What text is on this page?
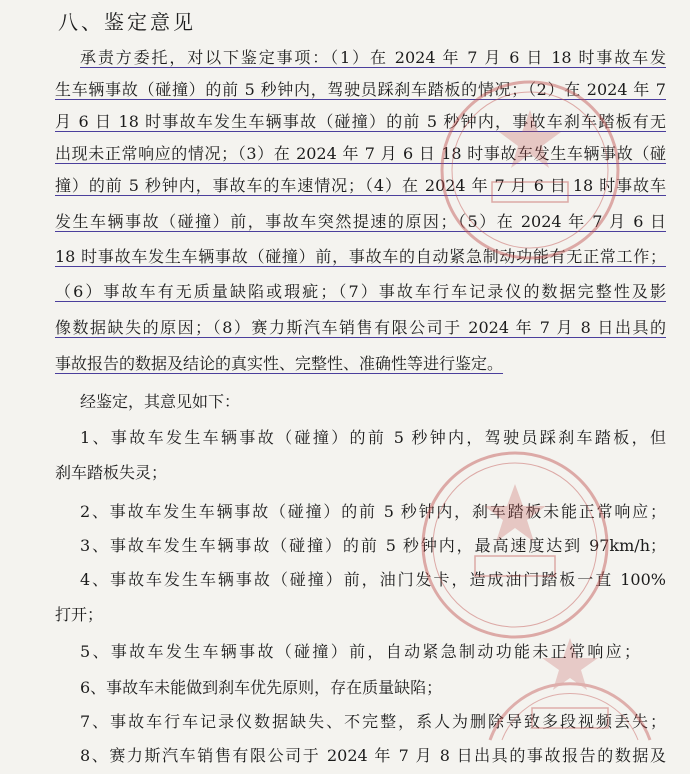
八、鉴定意见
承责方委托，对以下鉴定事项：（1）在 2024 年 7 月 6 日 18 时事故车发
生车辆事故（碰撞）的前 5 秒钟内，驾驶员踩刹车踏板的情况；（2）在 2024 年 7
月 6 日 18 时事故车发生车辆事故（碰撞）的前 5 秒钟内，事故车刹车踏板有无
出现未正常响应的情况；（3）在 2024 年 7 月 6 日 18 时事故车发生车辆事故（碰
撞）的前 5 秒钟内，事故车的车速情况；（4）在 2024 年 7 月 6 日 18 时事故车
发生车辆事故（碰撞）前，事故车突然提速的原因；（5）在 2024 年 7 月 6 日
18 时事故车发生车辆事故（碰撞）前，事故车的自动紧急制动功能有无正常工作；
（6）事故车有无质量缺陷或瑕疵；（7）事故车行车记录仪的数据完整性及影
像数据缺失的原因；（8）赛力斯汽车销售有限公司于 2024 年 7 月 8 日出具的
事故报告的数据及结论的真实性、完整性、准确性等进行鉴定。
经鉴定，其意见如下：
1、事故车发生车辆事故（碰撞）的前 5 秒钟内，驾驶员踩刹车踏板，但
刹车踏板失灵；
2、事故车发生车辆事故（碰撞）的前 5 秒钟内，刹车踏板未能正常响应；
3、事故车发生车辆事故（碰撞）的前 5 秒钟内，最高速度达到 97km/h；
4、事故车发生车辆事故（碰撞）前，油门发卡，造成油门踏板一直 100%
打开；
5、事故车发生车辆事故（碰撞）前，自动紧急制动功能未正常响应；
6、事故车未能做到刹车优先原则，存在质量缺陷；
7、事故车行车记录仪数据缺失、不完整，系人为删除导致多段视频丢失；
8、赛力斯汽车销售有限公司于 2024 年 7 月 8 日出具的事故报告的数据及
